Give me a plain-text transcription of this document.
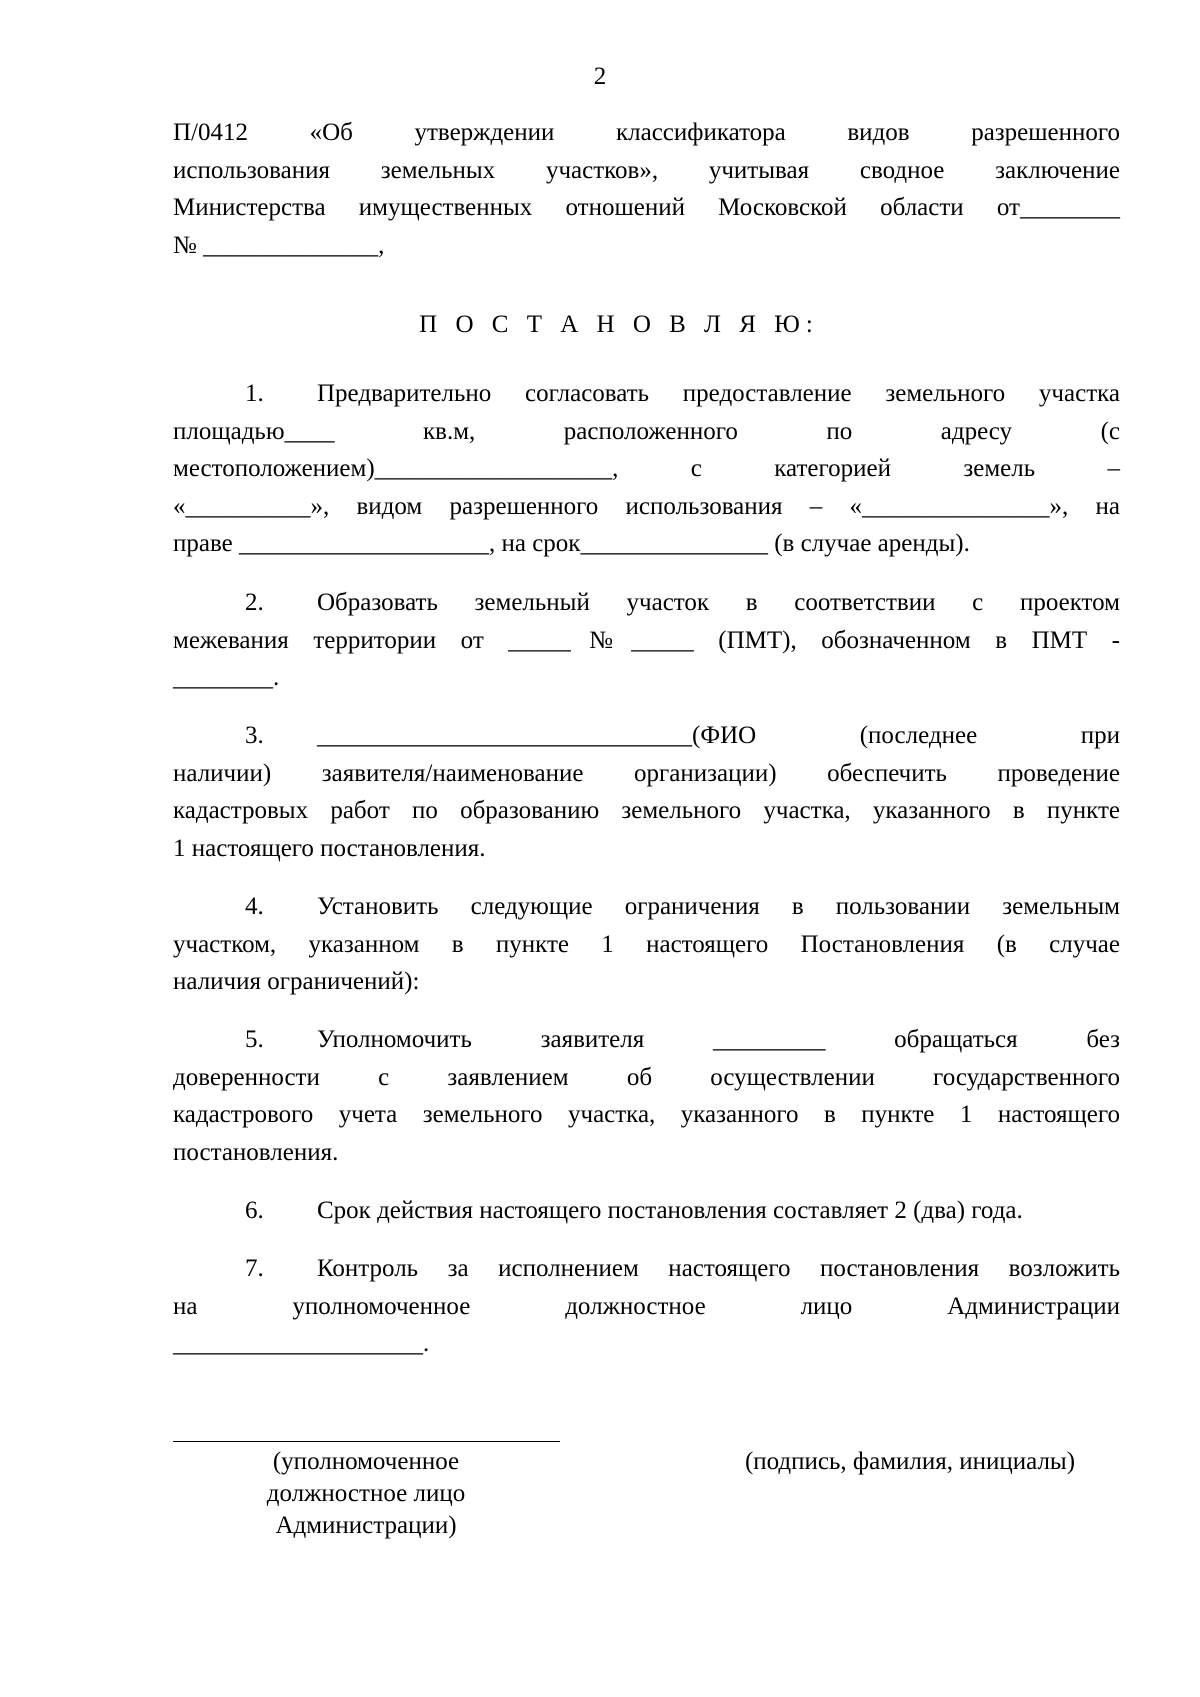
2
П/0412 «Об утверждении классификатора видов разрешенного
использования земельных участков», учитывая сводное заключение
Министерства имущественных отношений Московской области от________
№ ______________,
П О С Т А Н О В Л Я Ю:
1. Предварительно согласовать предоставление земельного участка
площадью____ кв.м, расположенного по адресу (с
местоположением)___________________, с категорией земель –
«__________», видом разрешенного использования – «_______________», на
праве ____________________, на срок_______________ (в случае аренды).
2. Образовать земельный участок в соответствии с проектом
межевания территории от _____№_____ (ПМТ), обозначенном в ПМТ -
________.
3. ______________________________(ФИО (последнее при
наличии) заявителя/наименование организации) обеспечить проведение
кадастровых работ по образованию земельного участка, указанного в пункте
1 настоящего постановления.
4. Установить следующие ограничения в пользовании земельным
участком, указанном в пункте 1 настоящего Постановления (в случае
наличия ограничений):
5. Уполномочить заявителя _________ обращаться без
доверенности с заявлением об осуществлении государственного
кадастрового учета земельного участка, указанного в пункте 1 настоящего
постановления.
6. Срок действия настоящего постановления составляет 2 (два) года.
7. Контроль за исполнением настоящего постановления возложить
на уполномоченное должностное лицо Администрации
____________________.
(уполномоченное
должностное лицо
Администрации)
(подпись, фамилия, инициалы)
